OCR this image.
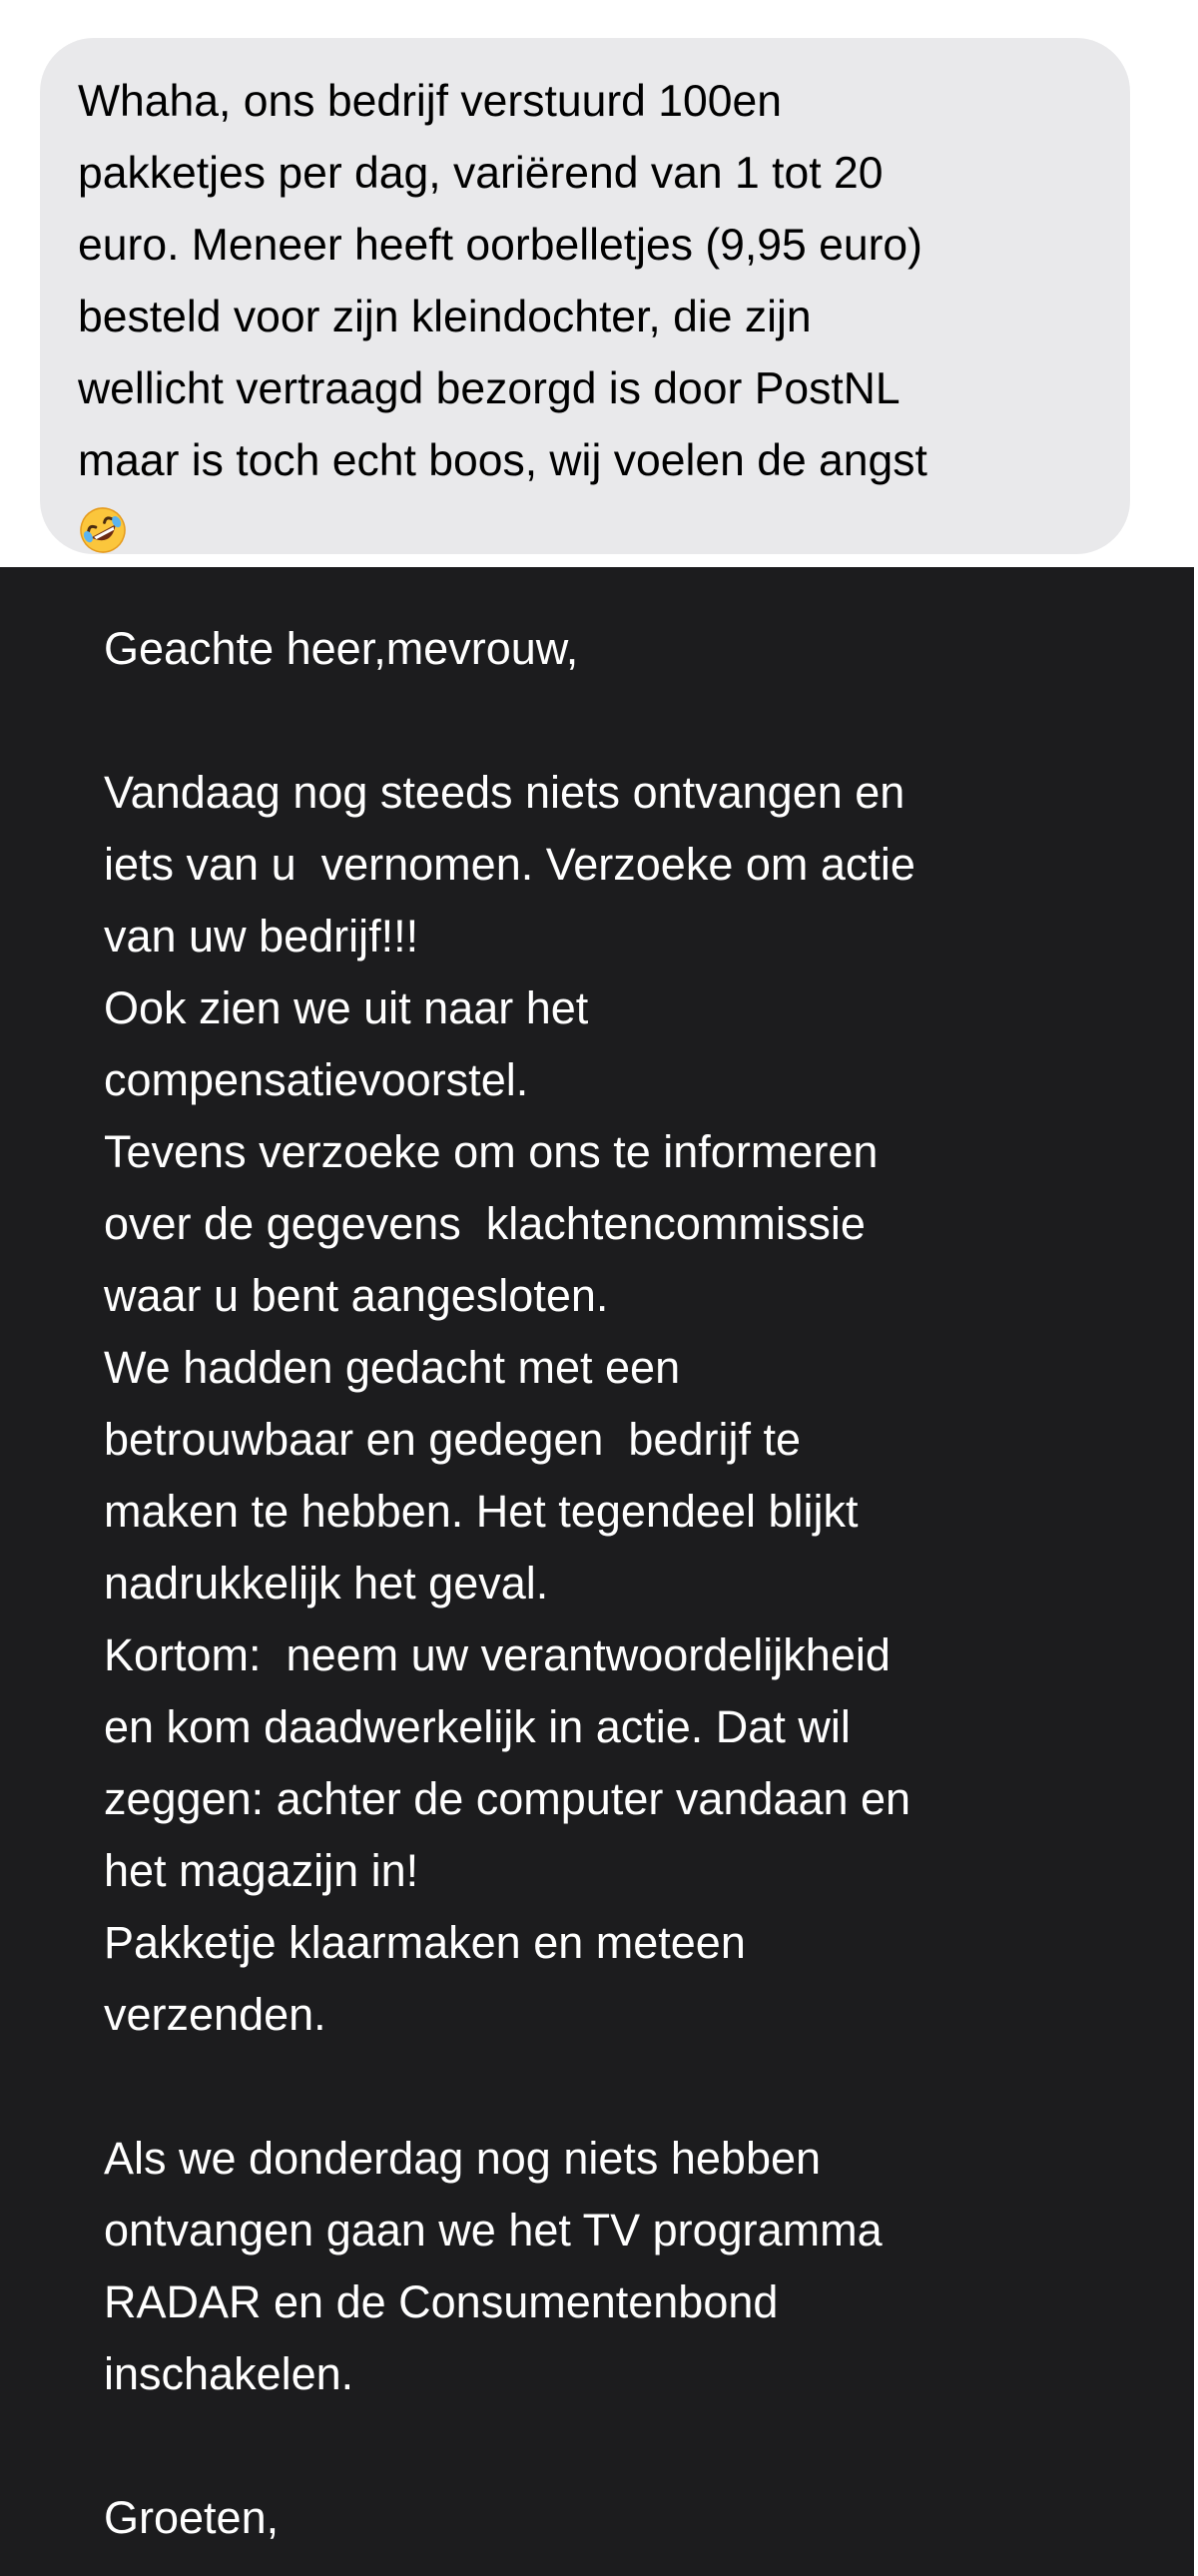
Whaha, ons bedrijf verstuurd 100en
pakketjes per dag, variërend van 1 tot 20
euro. Meneer heeft oorbelletjes (9,95 euro)
besteld voor zijn kleindochter, die zijn
wellicht vertraagd bezorgd is door PostNL
maar is toch echt boos, wij voelen de angst
Geachte heer,mevrouw,
Vandaag nog steeds niets ontvangen en
iets van u  vernomen. Verzoeke om actie
van uw bedrijf!!!
Ook zien we uit naar het
compensatievoorstel.
Tevens verzoeke om ons te informeren
over de gegevens  klachtencommissie
waar u bent aangesloten.
We hadden gedacht met een
betrouwbaar en gedegen  bedrijf te
maken te hebben. Het tegendeel blijkt
nadrukkelijk het geval.
Kortom:  neem uw verantwoordelijkheid
en kom daadwerkelijk in actie. Dat wil
zeggen: achter de computer vandaan en
het magazijn in!
Pakketje klaarmaken en meteen
verzenden.
Als we donderdag nog niets hebben
ontvangen gaan we het TV programma
RADAR en de Consumentenbond
inschakelen.
Groeten,
